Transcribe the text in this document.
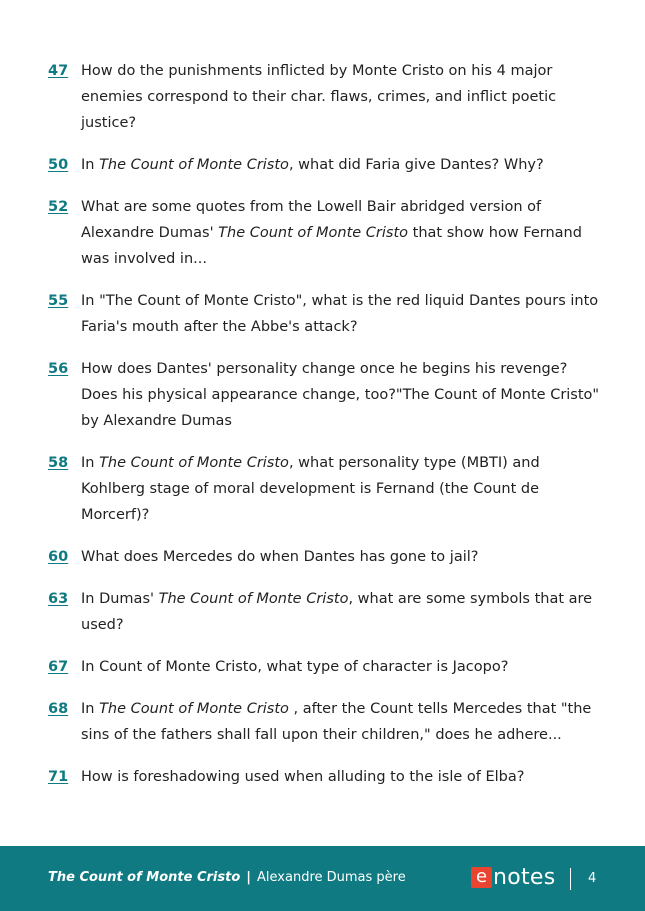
47 How do the punishments inflicted by Monte Cristo on his 4 major enemies correspond to their char. flaws, crimes, and inflict poetic justice?
50 In The Count of Monte Cristo, what did Faria give Dantes? Why?
52 What are some quotes from the Lowell Bair abridged version of Alexandre Dumas' The Count of Monte Cristo that show how Fernand was involved in...
55 In "The Count of Monte Cristo", what is the red liquid Dantes pours into Faria's mouth after the Abbe's attack?
56 How does Dantes' personality change once he begins his revenge? Does his physical appearance change, too?"The Count of Monte Cristo" by Alexandre Dumas
58 In The Count of Monte Cristo, what personality type (MBTI) and Kohlberg stage of moral development is Fernand (the Count de Morcerf)?
60 What does Mercedes do when Dantes has gone to jail?
63 In Dumas' The Count of Monte Cristo, what are some symbols that are used?
67 In Count of Monte Cristo, what type of character is Jacopo?
68 In The Count of Monte Cristo , after the Count tells Mercedes that "the sins of the fathers shall fall upon their children," does he adhere...
71 How is foreshadowing used when alluding to the isle of Elba?
The Count of Monte Cristo | Alexandre Dumas père	e notes 4
